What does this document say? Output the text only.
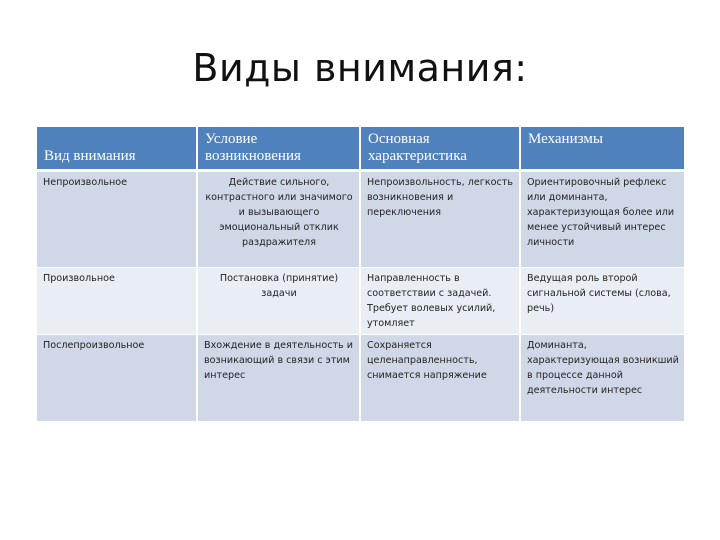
Виды внимания:
Вид внимания	Условие возникновения	Основная характеристика	Механизмы
Непроизвольное	Действие сильного, контрастного или значимого и вызывающего эмоциональный отклик раздражителя	Непроизвольность, легкость возникновения и переключения	Ориентировочный рефлекс или доминанта, характеризующая более или менее устойчивый интерес личности
Произвольное	Постановка (принятие) задачи	Направленность в соответствии с задачей. Требует волевых усилий, утомляет	Ведущая роль второй сигнальной системы (слова, речь)
Послепроизвольное	Вхождение в деятельность и возникающий в связи с этим интерес	Сохраняется целенаправленность, снимается напряжение	Доминанта, характеризующая возникший в процессе данной деятельности интерес
